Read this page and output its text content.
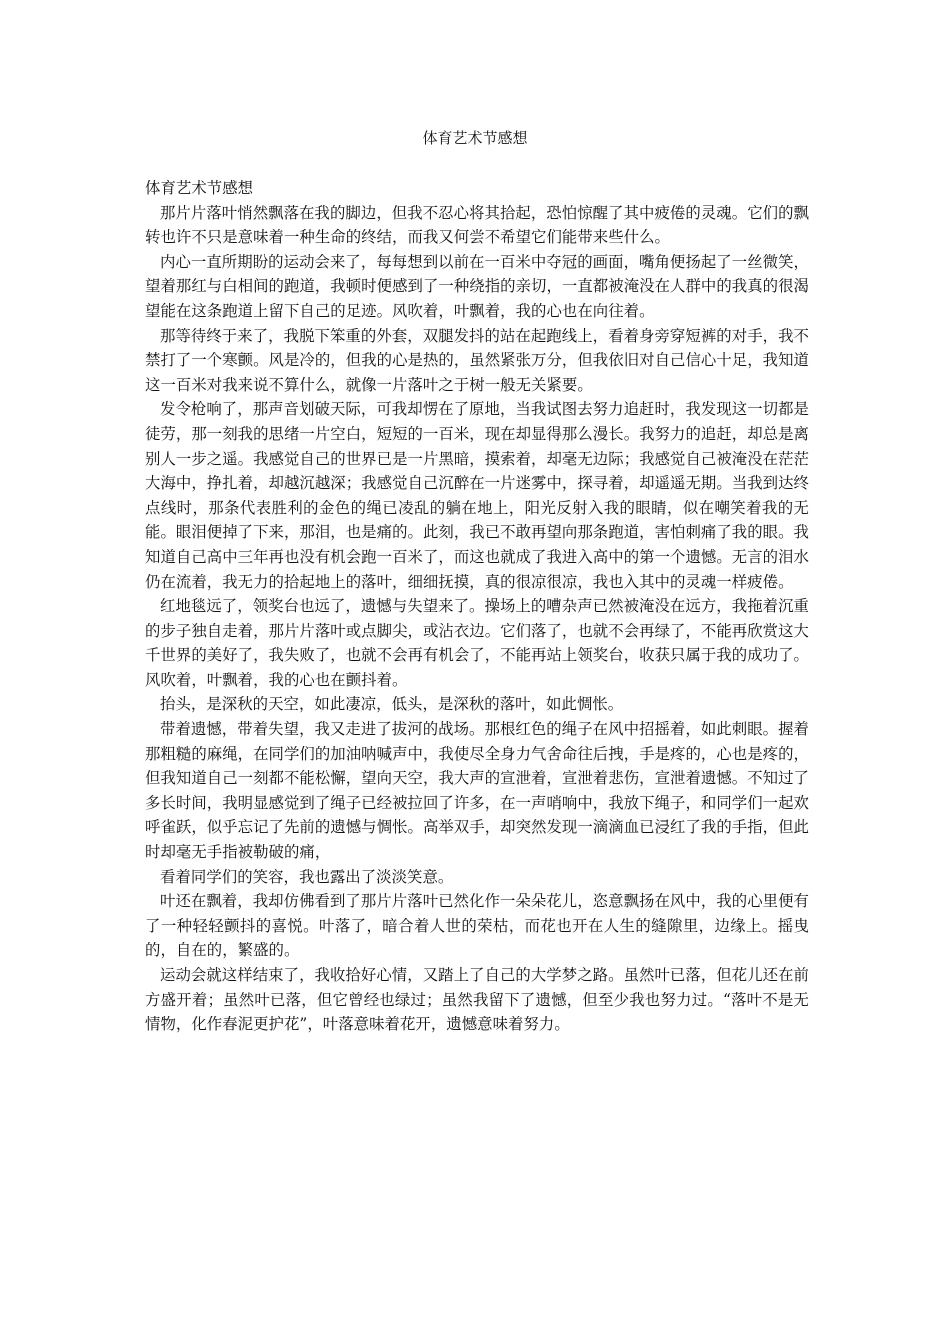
体育艺术节感想

体育艺术节感想

那片片落叶悄然飘落在我的脚边，但我不忍心将其拾起，恐怕惊醒了其中疲倦的灵魂。它们的飘转也许不只是意味着一种生命的终结，而我又何尝不希望它们能带来些什么。

内心一直所期盼的运动会来了，每每想到以前在一百米中夺冠的画面，嘴角便扬起了一丝微笑，望着那红与白相间的跑道，我顿时便感到了一种绕指的亲切，一直都被淹没在人群中的我真的很渴望能在这条跑道上留下自己的足迹。风吹着，叶飘着，我的心也在向往着。

那等待终于来了，我脱下笨重的外套，双腿发抖的站在起跑线上，看着身旁穿短裤的对手，我不禁打了一个寒颤。风是冷的，但我的心是热的，虽然紧张万分，但我依旧对自己信心十足，我知道这一百米对我来说不算什么，就像一片落叶之于树一般无关紧要。

发令枪响了，那声音划破天际，可我却愣在了原地，当我试图去努力追赶时，我发现这一切都是徒劳，那一刻我的思绪一片空白，短短的一百米，现在却显得那么漫长。我努力的追赶，却总是离别人一步之遥。我感觉自己的世界已是一片黑暗，摸索着，却毫无边际；我感觉自己被淹没在茫茫大海中，挣扎着，却越沉越深；我感觉自己沉醉在一片迷雾中，探寻着，却遥遥无期。当我到达终点线时，那条代表胜利的金色的绳已凌乱的躺在地上，阳光反射入我的眼睛，似在嘲笑着我的无能。眼泪便掉了下来，那泪，也是痛的。此刻，我已不敢再望向那条跑道，害怕刺痛了我的眼。我知道自己高中三年再也没有机会跑一百米了，而这也就成了我进入高中的第一个遗憾。无言的泪水仍在流着，我无力的拾起地上的落叶，细细抚摸，真的很凉很凉，我也入其中的灵魂一样疲倦。

红地毯远了，领奖台也远了，遗憾与失望来了。操场上的嘈杂声已然被淹没在远方，我拖着沉重的步子独自走着，那片片落叶或点脚尖，或沾衣边。它们落了，也就不会再绿了，不能再欣赏这大千世界的美好了，我失败了，也就不会再有机会了，不能再站上领奖台，收获只属于我的成功了。风吹着，叶飘着，我的心也在颤抖着。

抬头，是深秋的天空，如此凄凉，低头，是深秋的落叶，如此惆怅。

带着遗憾，带着失望，我又走进了拔河的战场。那根红色的绳子在风中招摇着，如此刺眼。握着那粗糙的麻绳，在同学们的加油呐喊声中，我使尽全身力气舍命往后拽，手是疼的，心也是疼的，但我知道自己一刻都不能松懈，望向天空，我大声的宣泄着，宣泄着悲伤，宣泄着遗憾。不知过了多长时间，我明显感觉到了绳子已经被拉回了许多，在一声哨响中，我放下绳子，和同学们一起欢呼雀跃，似乎忘记了先前的遗憾与惆怅。高举双手，却突然发现一滴滴血已浸红了我的手指，但此时却毫无手指被勒破的痛，

看着同学们的笑容，我也露出了淡淡笑意。

叶还在飘着，我却仿佛看到了那片片落叶已然化作一朵朵花儿，恣意飘扬在风中，我的心里便有了一种轻轻颤抖的喜悦。叶落了，暗合着人世的荣枯，而花也开在人生的缝隙里，边缘上。摇曳的，自在的，繁盛的。

运动会就这样结束了，我收拾好心情，又踏上了自己的大学梦之路。虽然叶已落，但花儿还在前方盛开着；虽然叶已落，但它曾经也绿过；虽然我留下了遗憾，但至少我也努力过。“落叶不是无情物，化作春泥更护花”，叶落意味着花开，遗憾意味着努力。
